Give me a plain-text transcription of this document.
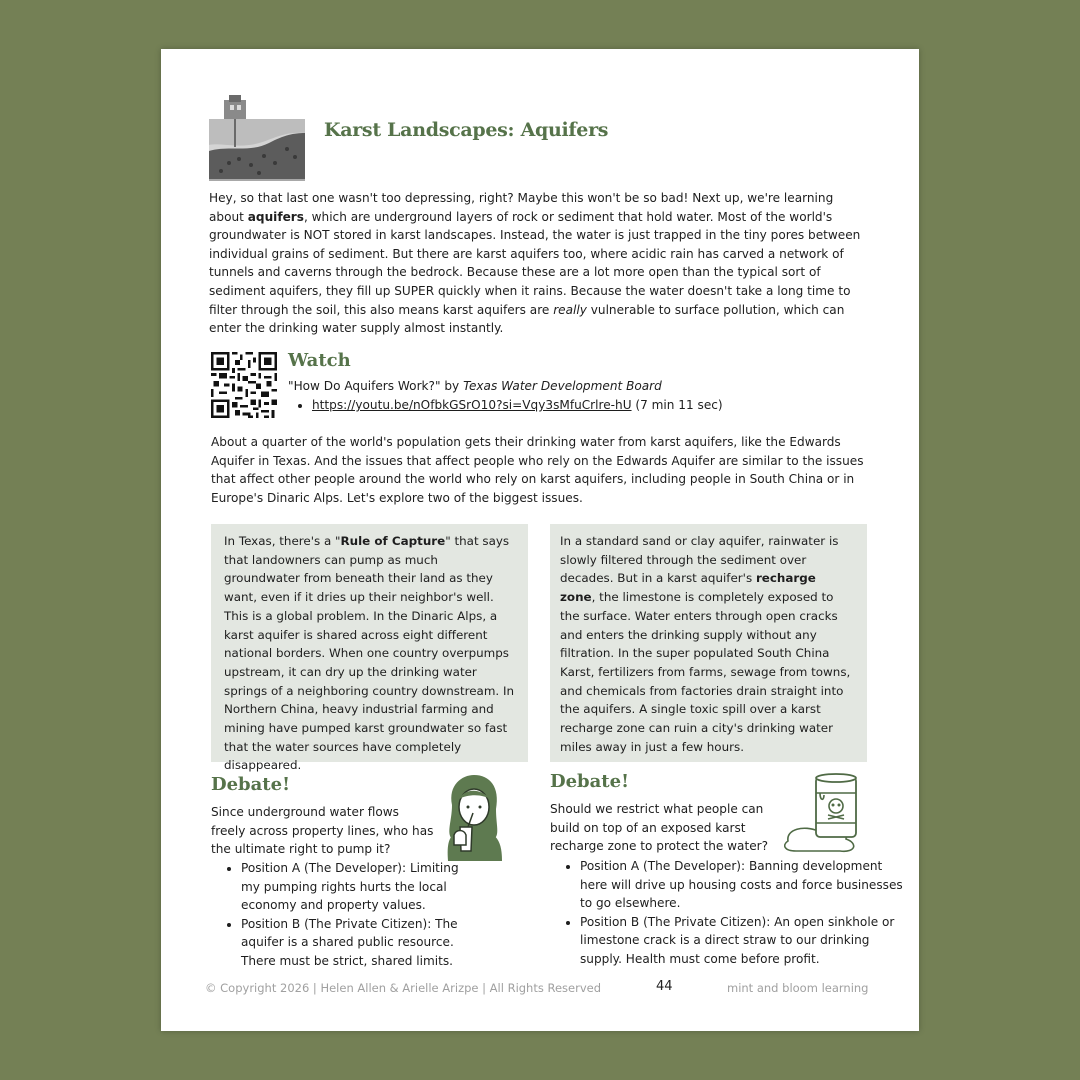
Karst Landscapes: Aquifers

Hey, so that last one wasn't too depressing, right? Maybe this won't be so bad! Next up, we're learning about aquifers, which are underground layers of rock or sediment that hold water. Most of the world's groundwater is NOT stored in karst landscapes. Instead, the water is just trapped in the tiny pores between individual grains of sediment. But there are karst aquifers too, where acidic rain has carved a network of tunnels and caverns through the bedrock. Because these are a lot more open than the typical sort of sediment aquifers, they fill up SUPER quickly when it rains. Because the water doesn't take a long time to filter through the soil, this also means karst aquifers are really vulnerable to surface pollution, which can enter the drinking water supply almost instantly.

Watch
"How Do Aquifers Work?" by Texas Water Development Board
• https://youtu.be/nOfbkGSrO10?si=Vqy3sMfuCrlre-hU (7 min 11 sec)

About a quarter of the world's population gets their drinking water from karst aquifers, like the Edwards Aquifer in Texas. And the issues that affect people who rely on the Edwards Aquifer are similar to the issues that affect other people around the world who rely on karst aquifers, including people in South China or in Europe's Dinaric Alps. Let's explore two of the biggest issues.

In Texas, there's a "Rule of Capture" that says that landowners can pump as much groundwater from beneath their land as they want, even if it dries up their neighbor's well. This is a global problem. In the Dinaric Alps, a karst aquifer is shared across eight different national borders. When one country overpumps upstream, it can dry up the drinking water springs of a neighboring country downstream. In Northern China, heavy industrial farming and mining have pumped karst groundwater so fast that the water sources have completely disappeared.
In a standard sand or clay aquifer, rainwater is slowly filtered through the sediment over decades. But in a karst aquifer's recharge zone, the limestone is completely exposed to the surface. Water enters through open cracks and enters the drinking supply without any filtration. In the super populated South China Karst, fertilizers from farms, sewage from towns, and chemicals from factories drain straight into the aquifers. A single toxic spill over a karst recharge zone can ruin a city's drinking water miles away in just a few hours.
Debate!

Since underground water flows freely across property lines, who has the ultimate right to pump it?

• Position A (The Developer): Limiting my pumping rights hurts the local economy and property values.
• Position B (The Private Citizen): The aquifer is a shared public resource. There must be strict, shared limits.
Debate!

Should we restrict what people can build on top of an exposed karst recharge zone to protect the water?

• Position A (The Developer): Banning development here will drive up housing costs and force businesses to go elsewhere.
• Position B (The Private Citizen): An open sinkhole or limestone crack is a direct straw to our drinking supply. Health must come before profit.
© Copyright 2026 | Helen Allen & Arielle Arizpe | All Rights Reserved	44	mint and bloom learning
